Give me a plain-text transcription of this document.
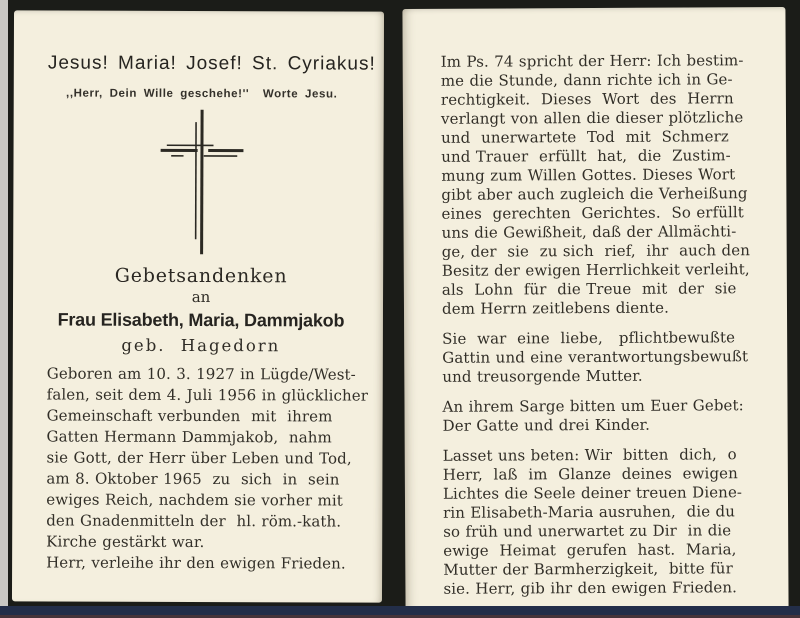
Jesus! Maria! Josef! St. Cyriakus!
,,Herr, Dein Wille geschehe!''  Worte Jesu.
Gebetsandenken
an
Frau Elisabeth, Maria, Dammjakob
geb. Hagedorn
Geboren am 10. 3. 1927 in Lügde/West-
falen, seit dem 4. Juli 1956 in glücklicher
Gemeinschaft verbunden  mit  ihrem
Gatten Hermann Dammjakob,  nahm
sie Gott, der Herr über Leben und Tod,
am 8. Oktober 1965  zu  sich  in  sein
ewiges Reich, nachdem sie vorher mit
den Gnadenmitteln der  hl. röm.-kath.
Kirche gestärkt war.
Herr, verleihe ihr den ewigen Frieden.
Im Ps. 74 spricht der Herr: Ich bestim-
me die Stunde, dann richte ich in Ge-
rechtigkeit.  Dieses  Wort  des  Herrn
verlangt von allen die dieser plötzliche
und  unerwartete  Tod  mit  Schmerz
und Trauer  erfüllt  hat,  die  Zustim-
mung zum Willen Gottes. Dieses Wort
gibt aber auch zugleich die Verheißung
eines  gerechten  Gerichtes.  So erfüllt
uns die Gewißheit, daß der Allmächti-
ge, der  sie  zu sich  rief,  ihr  auch den
Besitz der ewigen Herrlichkeit verleiht,
als  Lohn  für  die Treue  mit  der  sie
dem Herrn zeitlebens diente.
Sie  war  eine  liebe,   pflichtbewußte
Gattin und eine verantwortungsbewußt
und treusorgende Mutter.
An ihrem Sarge bitten um Euer Gebet:
Der Gatte und drei Kinder.
Lasset uns beten: Wir  bitten  dich,  o
Herr,  laß  im  Glanze  deines  ewigen
Lichtes die Seele deiner treuen Diene-
rin Elisabeth-Maria ausruhen,  die du
so früh und unerwartet zu Dir  in die
ewige  Heimat  gerufen  hast.  Maria,
Mutter der Barmherzigkeit,  bitte für
sie. Herr, gib ihr den ewigen Frieden.
